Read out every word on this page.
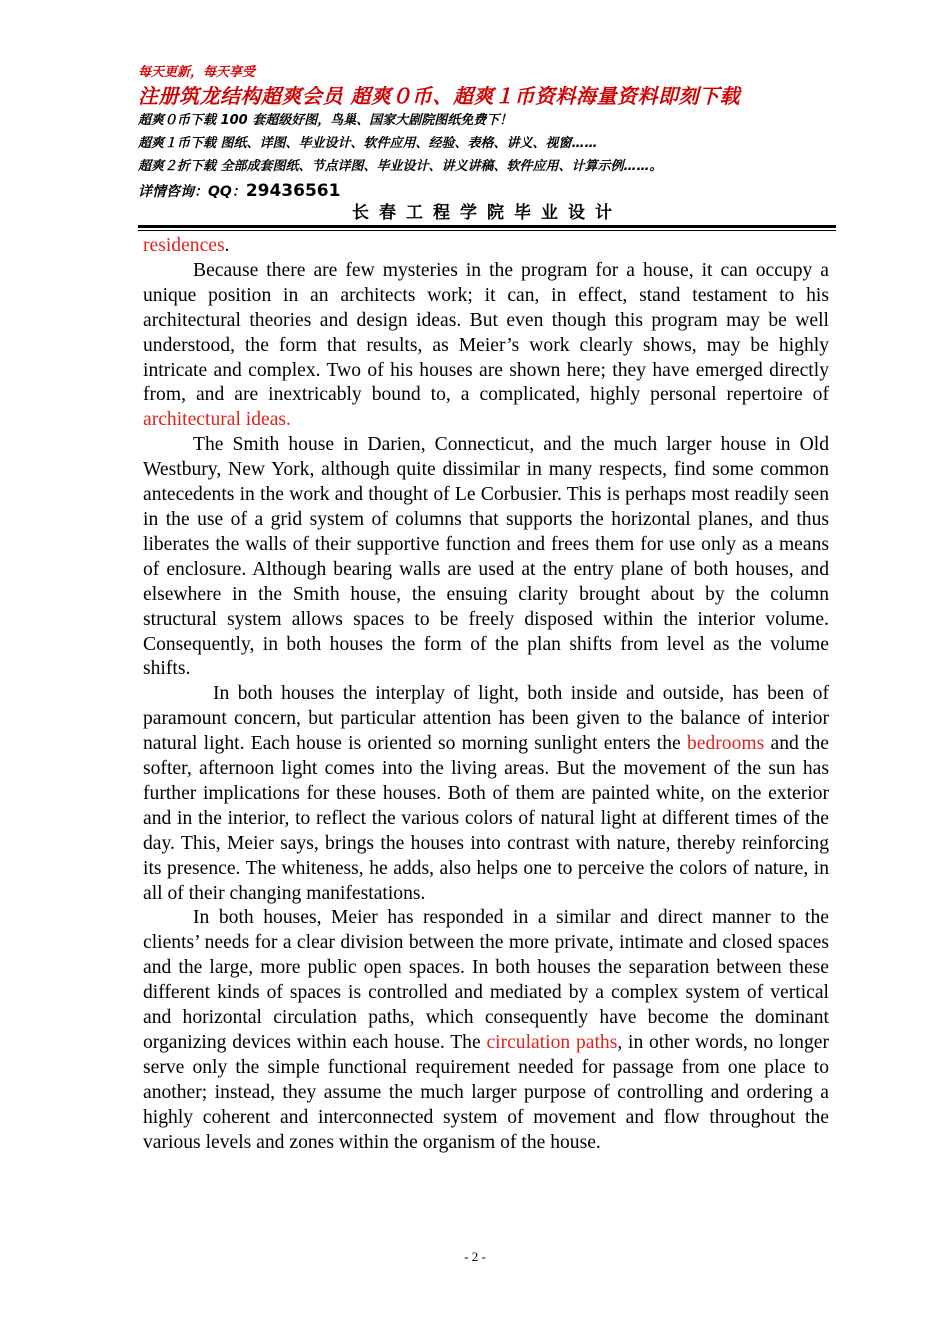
每天更新，每天享受
注册筑龙结构超爽会员 超爽０币、超爽１币资料海量资料即刻下载
超爽０币下载 100 套超级好图，鸟巢、国家大剧院图纸免费下！
超爽１币下载 图纸、详图、毕业设计、软件应用、经验、表格、讲义、视窗……
超爽２折下载 全部成套图纸、节点详图、毕业设计、讲义讲稿、软件应用、计算示例……。
详情咨询：QQ：29436561
长春工程学院毕业设计

residences.

Because there are few mysteries in the program for a house, it can occupy a unique position in an architects work; it can, in effect, stand testament to his architectural theories and design ideas. But even though this program may be well understood, the form that results, as Meier’s work clearly shows, may be highly intricate and complex. Two of his houses are shown here; they have emerged directly from, and are inextricably bound to, a complicated, highly personal repertoire of architectural ideas.

The Smith house in Darien, Connecticut, and the much larger house in Old Westbury, New York, although quite dissimilar in many respects, find some common antecedents in the work and thought of Le Corbusier. This is perhaps most readily seen in the use of a grid system of columns that supports the horizontal planes, and thus liberates the walls of their supportive function and frees them for use only as a means of enclosure. Although bearing walls are used at the entry plane of both houses, and elsewhere in the Smith house, the ensuing clarity brought about by the column structural system allows spaces to be freely disposed within the interior volume. Consequently, in both houses the form of the plan shifts from level as the volume shifts.

In both houses the interplay of light, both inside and outside, has been of paramount concern, but particular attention has been given to the balance of interior natural light. Each house is oriented so morning sunlight enters the bedrooms and the softer, afternoon light comes into the living areas. But the movement of the sun has further implications for these houses. Both of them are painted white, on the exterior and in the interior, to reflect the various colors of natural light at different times of the day. This, Meier says, brings the houses into contrast with nature, thereby reinforcing its presence. The whiteness, he adds, also helps one to perceive the colors of nature, in all of their changing manifestations.

In both houses, Meier has responded in a similar and direct manner to the clients’ needs for a clear division between the more private, intimate and closed spaces and the large, more public open spaces. In both houses the separation between these different kinds of spaces is controlled and mediated by a complex system of vertical and horizontal circulation paths, which consequently have become the dominant organizing devices within each house. The circulation paths, in other words, no longer serve only the simple functional requirement needed for passage from one place to another; instead, they assume the much larger purpose of controlling and ordering a highly coherent and interconnected system of movement and flow throughout the various levels and zones within the organism of the house.

- 2 -
